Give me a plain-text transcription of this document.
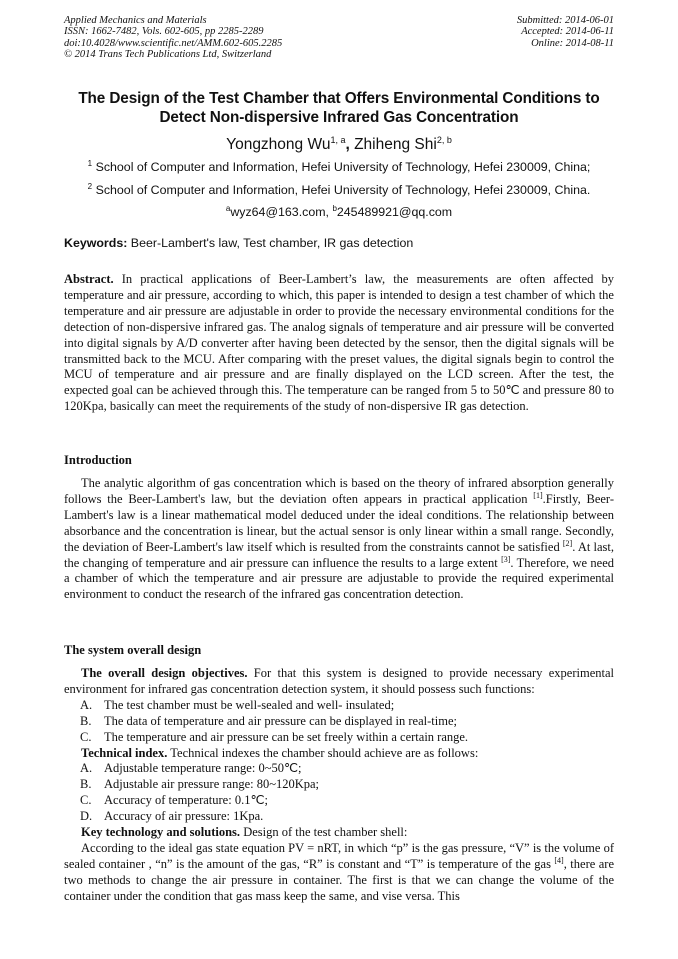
Applied Mechanics and Materials
ISSN: 1662-7482, Vols. 602-605, pp 2285-2289
doi:10.4028/www.scientific.net/AMM.602-605.2285
© 2014 Trans Tech Publications Ltd, Switzerland
Submitted: 2014-06-01
Accepted: 2014-06-11
Online: 2014-08-11
The Design of the Test Chamber that Offers Environmental Conditions to
Detect Non-dispersive Infrared Gas Concentration
Yongzhong Wu$^{1, a}$, Zhiheng Shi$^{2, b}$
$^1$ School of Computer and Information, Hefei University of Technology, Hefei 230009, China;
$^2$ School of Computer and Information, Hefei University of Technology, Hefei 230009, China.
$^a$wyz64@163.com, $^b$245489921@qq.com
Keywords: Beer-Lambert's law, Test chamber, IR gas detection
Abstract. In practical applications of Beer-Lambert’s law, the measurements are often affected by temperature and air pressure, according to which, this paper is intended to design a test chamber of which the temperature and air pressure are adjustable in order to provide the necessary environmental conditions for the detection of non-dispersive infrared gas. The analog signals of temperature and air pressure will be converted into digital signals by A/D converter after having been detected by the sensor, then the digital signals will be transmitted back to the MCU. After comparing with the preset values, the digital signals begin to control the MCU of temperature and air pressure and are finally displayed on the LCD screen. After the test, the expected goal can be achieved through this. The temperature can be ranged from 5 to 50℃ and pressure 80 to 120Kpa, basically can meet the requirements of the study of non-dispersive IR gas detection.
Introduction
The analytic algorithm of gas concentration which is based on the theory of infrared absorption generally follows the Beer-Lambert's law, but the deviation often appears in practical application [1].Firstly, Beer-Lambert's law is a linear mathematical model deduced under the ideal conditions. The relationship between absorbance and the concentration is linear, but the actual sensor is only linear within a small range. Secondly, the deviation of Beer-Lambert's law itself which is resulted from the constraints cannot be satisfied [2]. At last, the changing of temperature and air pressure can influence the results to a large extent [3]. Therefore, we need a chamber of which the temperature and air pressure are adjustable to provide the required experimental environment to conduct the research of the infrared gas concentration detection.
The system overall design
The overall design objectives. For that this system is designed to provide necessary experimental environment for infrared gas concentration detection system, it should possess such functions:
A. The test chamber must be well-sealed and well- insulated;
B. The data of temperature and air pressure can be displayed in real-time;
C. The temperature and air pressure can be set freely within a certain range.
Technical index. Technical indexes the chamber should achieve are as follows:
A. Adjustable temperature range: 0~50℃;
B. Adjustable air pressure range: 80~120Kpa;
C. Accuracy of temperature: 0.1℃;
D. Accuracy of air pressure: 1Kpa.
Key technology and solutions. Design of the test chamber shell:
According to the ideal gas state equation PV = nRT, in which “p” is the gas pressure, “V” is the volume of sealed container , “n” is the amount of the gas, “R” is constant and “T” is temperature of the gas [4], there are two methods to change the air pressure in container. The first is that we can change the volume of the container under the condition that gas mass keep the same, and vise versa. This
